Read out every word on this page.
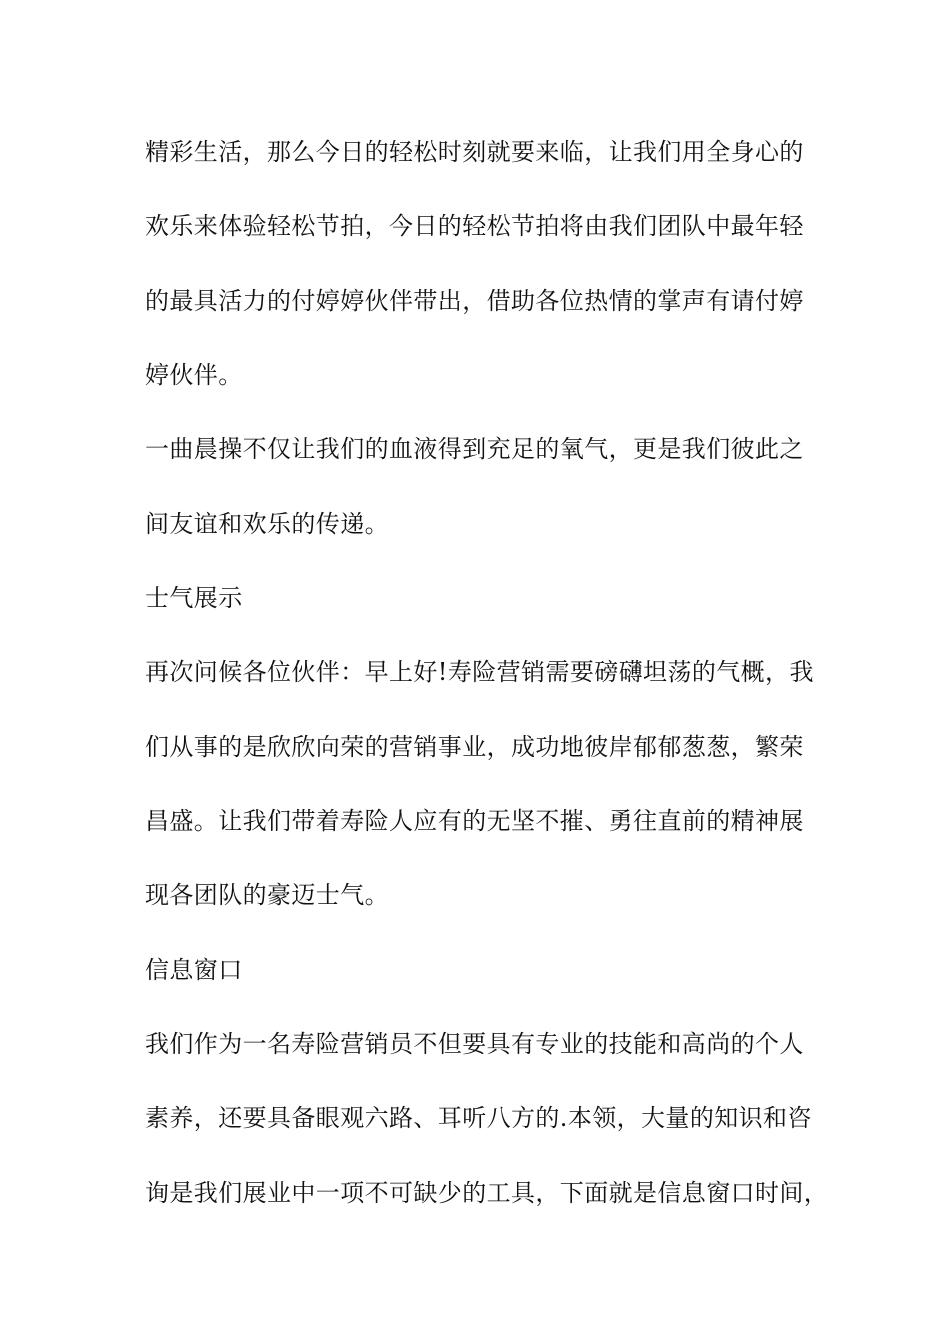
精彩生活，那么今日的轻松时刻就要来临，让我们用全身心的
欢乐来体验轻松节拍，今日的轻松节拍将由我们团队中最年轻
的最具活力的付婷婷伙伴带出，借助各位热情的掌声有请付婷
婷伙伴。
一曲晨操不仅让我们的血液得到充足的氧气，更是我们彼此之
间友谊和欢乐的传递。
士气展示
再次问候各位伙伴：早上好!寿险营销需要磅礴坦荡的气概，我
们从事的是欣欣向荣的营销事业，成功地彼岸郁郁葱葱，繁荣
昌盛。让我们带着寿险人应有的无坚不摧、勇往直前的精神展
现各团队的豪迈士气。
信息窗口
我们作为一名寿险营销员不但要具有专业的技能和高尚的个人
素养，还要具备眼观六路、耳听八方的.本领，大量的知识和咨
询是我们展业中一项不可缺少的工具，下面就是信息窗口时间，
